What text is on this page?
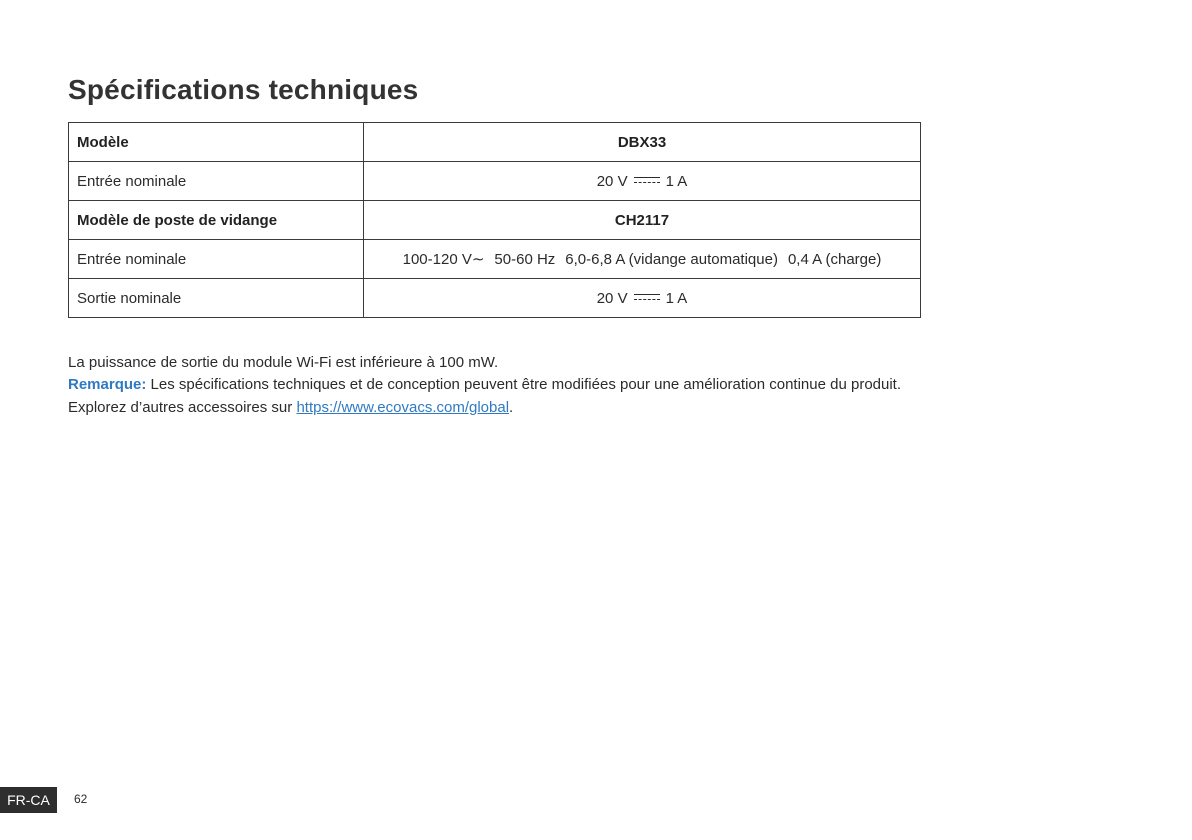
Spécifications techniques
Modèle	DBX33
Entrée nominale	20 V 1 A
Modèle de poste de vidange	CH2117
Entrée nominale	100-120 V∼ 50-60 Hz 6,0-6,8 A (vidange automatique) 0,4 A (charge)
Sortie nominale	20 V 1 A

La puissance de sortie du module Wi-Fi est inférieure à 100 mW.

Remarque: Les spécifications techniques et de conception peuvent être modifiées pour une amélioration continue du produit.

Explorez d’autres accessoires sur https://www.ecovacs.com/global.

FR-CA	62
